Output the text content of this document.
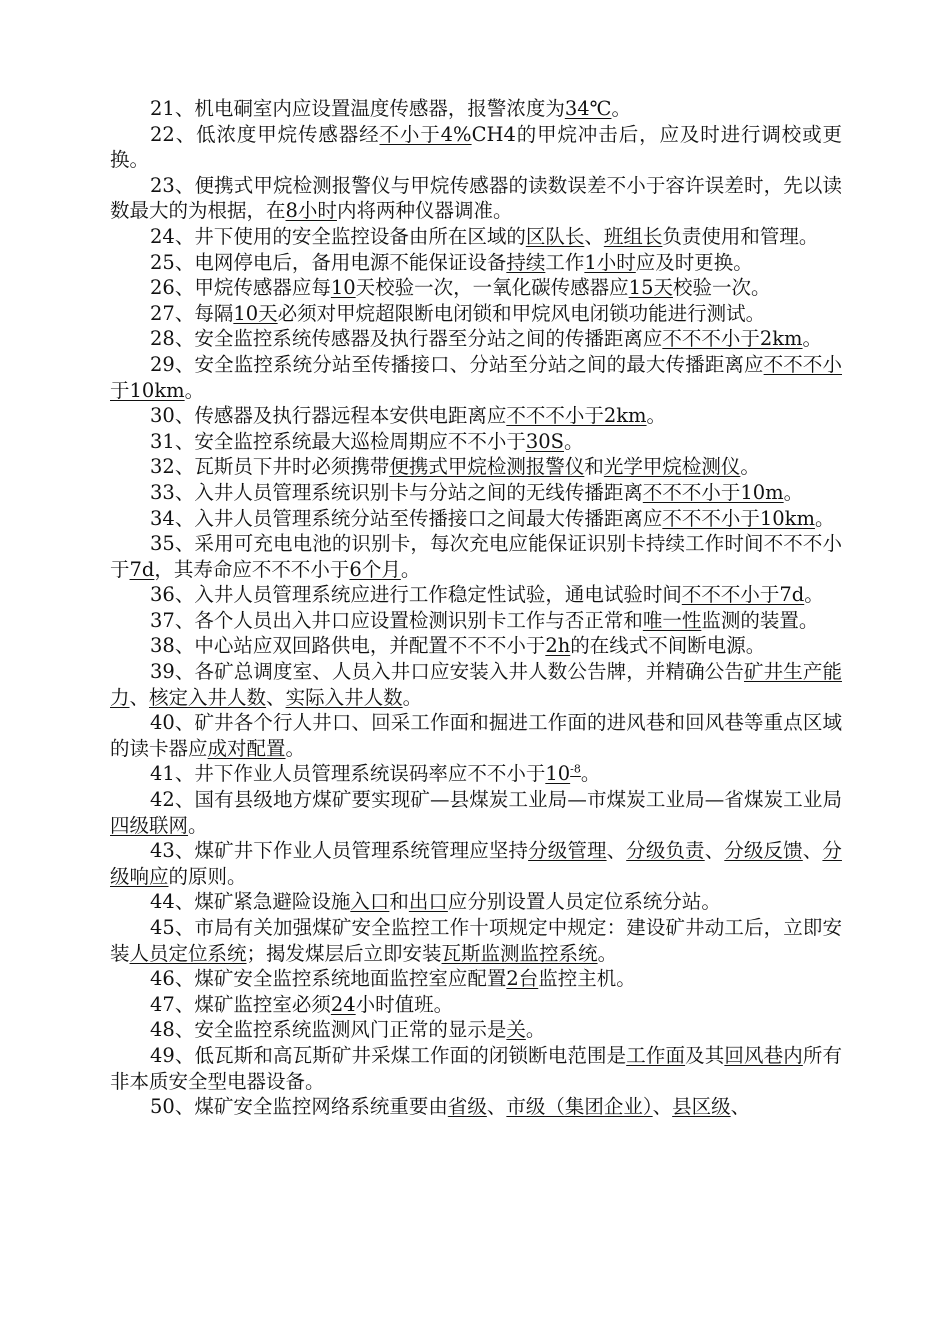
21、机电硐室内应设置温度传感器，报警浓度为34℃。

22、低浓度甲烷传感器经不小于4%CH4的甲烷冲击后，应及时进行调校或更换。

23、便携式甲烷检测报警仪与甲烷传感器的读数误差不小于容许误差时，先以读数最大的为根据，在8小时内将两种仪器调准。

24、井下使用的安全监控设备由所在区域的区队长、班组长负责使用和管理。

25、电网停电后，备用电源不能保证设备持续工作1小时应及时更换。

26、甲烷传感器应每10天校验一次，一氧化碳传感器应15天校验一次。

27、每隔10天必须对甲烷超限断电闭锁和甲烷风电闭锁功能进行测试。

28、安全监控系统传感器及执行器至分站之间的传播距离应不不不小于2km。

29、安全监控系统分站至传播接口、分站至分站之间的最大传播距离应不不不小于10km。

30、传感器及执行器远程本安供电距离应不不不小于2km。

31、安全监控系统最大巡检周期应不不小于30S。

32、瓦斯员下井时必须携带便携式甲烷检测报警仪和光学甲烷检测仪。

33、入井人员管理系统识别卡与分站之间的无线传播距离不不不小于10m。

34、入井人员管理系统分站至传播接口之间最大传播距离应不不不小于10km。

35、采用可充电电池的识别卡，每次充电应能保证识别卡持续工作时间不不不小于7d，其寿命应不不不小于6个月。

36、入井人员管理系统应进行工作稳定性试验，通电试验时间不不不小于7d。

37、各个人员出入井口应设置检测识别卡工作与否正常和唯一性监测的装置。

38、中心站应双回路供电，并配置不不不小于2h的在线式不间断电源。

39、各矿总调度室、人员入井口应安装入井人数公告牌，并精确公告矿井生产能力、核定入井人数、实际入井人数。

40、矿井各个行人井口、回采工作面和掘进工作面的进风巷和回风巷等重点区域的读卡器应成对配置。

41、井下作业人员管理系统误码率应不不小于$10^{-8}$。

42、国有县级地方煤矿要实现矿—县煤炭工业局—市煤炭工业局—省煤炭工业局四级联网。

43、煤矿井下作业人员管理系统管理应坚持分级管理、分级负责、分级反馈、分级响应的原则。

44、煤矿紧急避险设施入口和出口应分别设置人员定位系统分站。

45、市局有关加强煤矿安全监控工作十项规定中规定：建设矿井动工后，立即安装人员定位系统；揭发煤层后立即安装瓦斯监测监控系统。

46、煤矿安全监控系统地面监控室应配置2台监控主机。

47、煤矿监控室必须24小时值班。

48、安全监控系统监测风门正常的显示是关。

49、低瓦斯和高瓦斯矿井采煤工作面的闭锁断电范围是工作面及其回风巷内所有非本质安全型电器设备。

50、煤矿安全监控网络系统重要由省级、市级（集团企业）、县区级、
